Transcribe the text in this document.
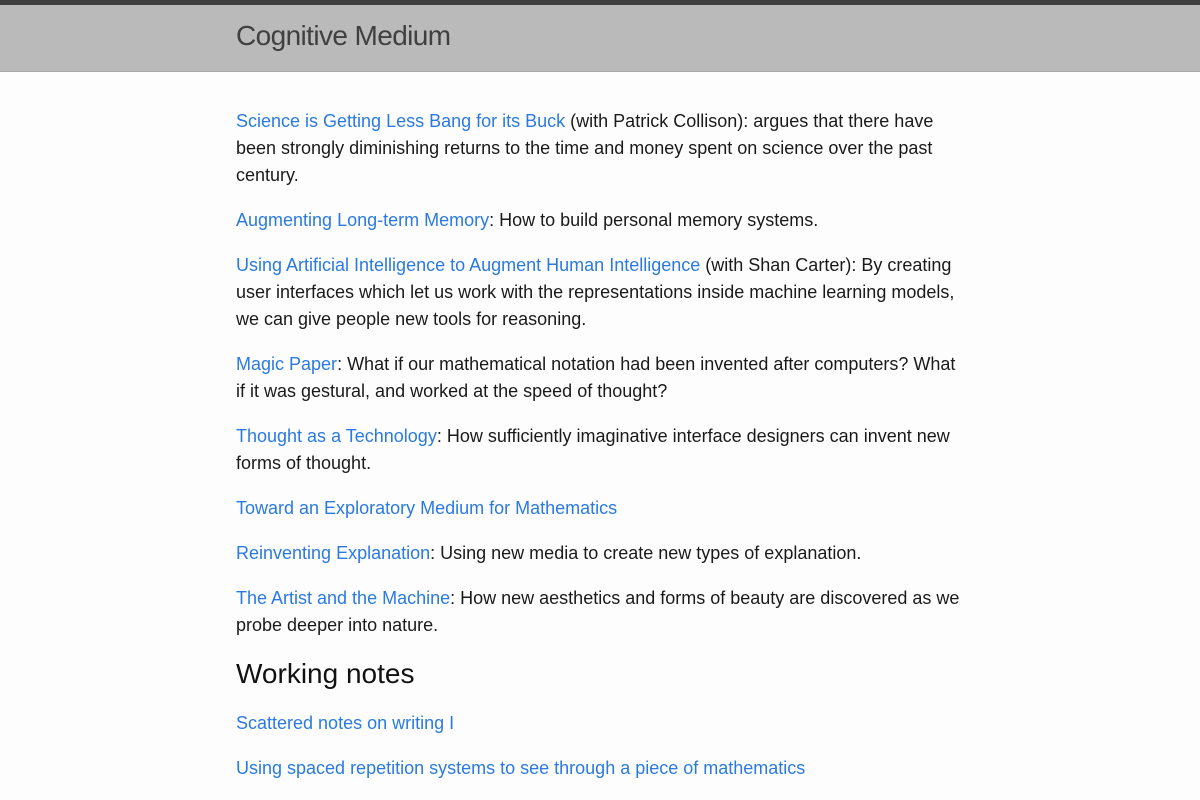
Cognitive Medium

Science is Getting Less Bang for its Buck (with Patrick Collison): argues that there have been strongly diminishing returns to the time and money spent on science over the past century.

Augmenting Long-term Memory: How to build personal memory systems.

Using Artificial Intelligence to Augment Human Intelligence (with Shan Carter): By creating user interfaces which let us work with the representations inside machine learning models, we can give people new tools for reasoning.

Magic Paper: What if our mathematical notation had been invented after computers? What if it was gestural, and worked at the speed of thought?

Thought as a Technology: How sufficiently imaginative interface designers can invent new forms of thought.

Toward an Exploratory Medium for Mathematics

Reinventing Explanation: Using new media to create new types of explanation.

The Artist and the Machine: How new aesthetics and forms of beauty are discovered as we probe deeper into nature.

Working notes

Scattered notes on writing I

Using spaced repetition systems to see through a piece of mathematics
